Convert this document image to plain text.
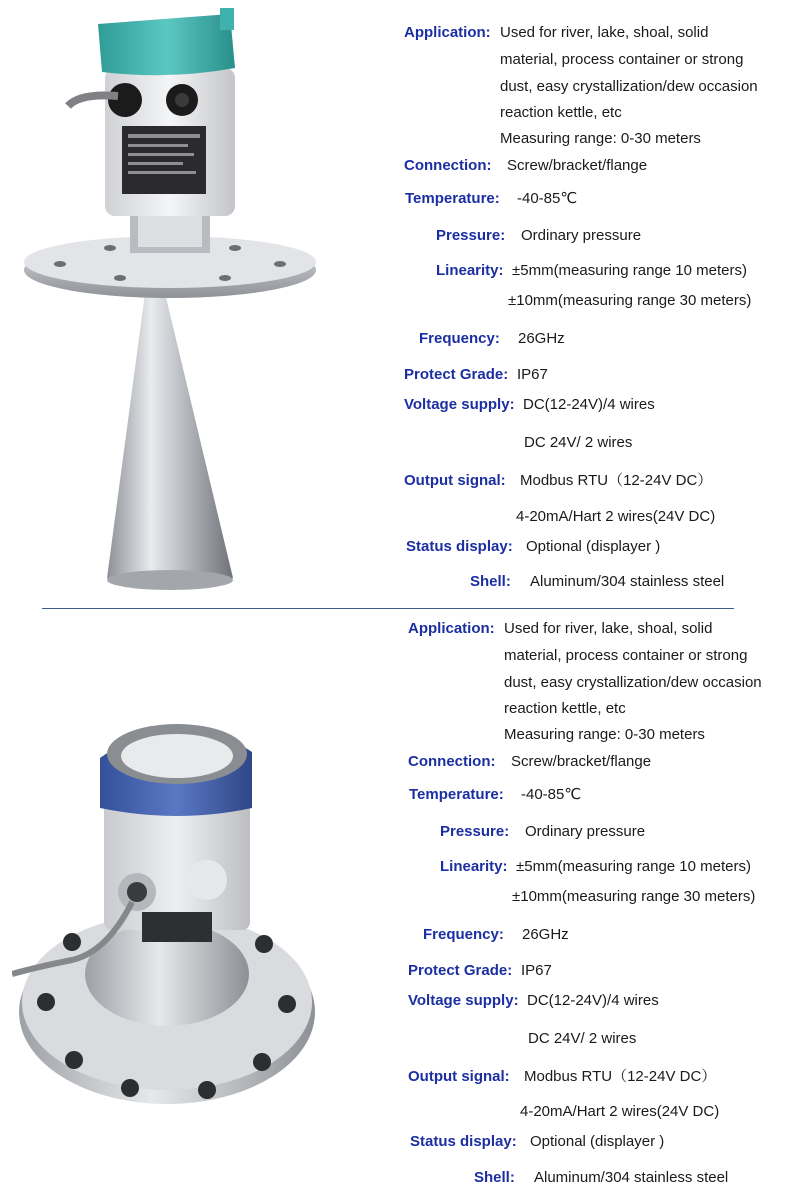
Application: Used for river, lake, shoal, solid
material, process container or strong
dust, easy crystallization/dew occasion
reaction kettle, etc
Measuring range: 0-30 meters
Connection: Screw/bracket/flange
Temperature: -40-85℃
Pressure: Ordinary pressure
Linearity: ±5mm(measuring range 10 meters)
±10mm(measuring range 30 meters)
Frequency: 26GHz
Protect Grade: IP67
Voltage supply: DC(12-24V)/4 wires
DC 24V/ 2 wires
Output signal: Modbus RTU（12-24V DC）
4-20mA/Hart 2 wires(24V DC)
Status display: Optional (displayer )
Shell: Aluminum/304 stainless steel
Application: Used for river, lake, shoal, solid
material, process container or strong
dust, easy crystallization/dew occasion
reaction kettle, etc
Measuring range: 0-30 meters
Connection: Screw/bracket/flange
Temperature: -40-85℃
Pressure: Ordinary pressure
Linearity: ±5mm(measuring range 10 meters)
±10mm(measuring range 30 meters)
Frequency: 26GHz
Protect Grade: IP67
Voltage supply: DC(12-24V)/4 wires
DC 24V/ 2 wires
Output signal: Modbus RTU（12-24V DC）
4-20mA/Hart 2 wires(24V DC)
Status display: Optional (displayer )
Shell: Aluminum/304 stainless steel
